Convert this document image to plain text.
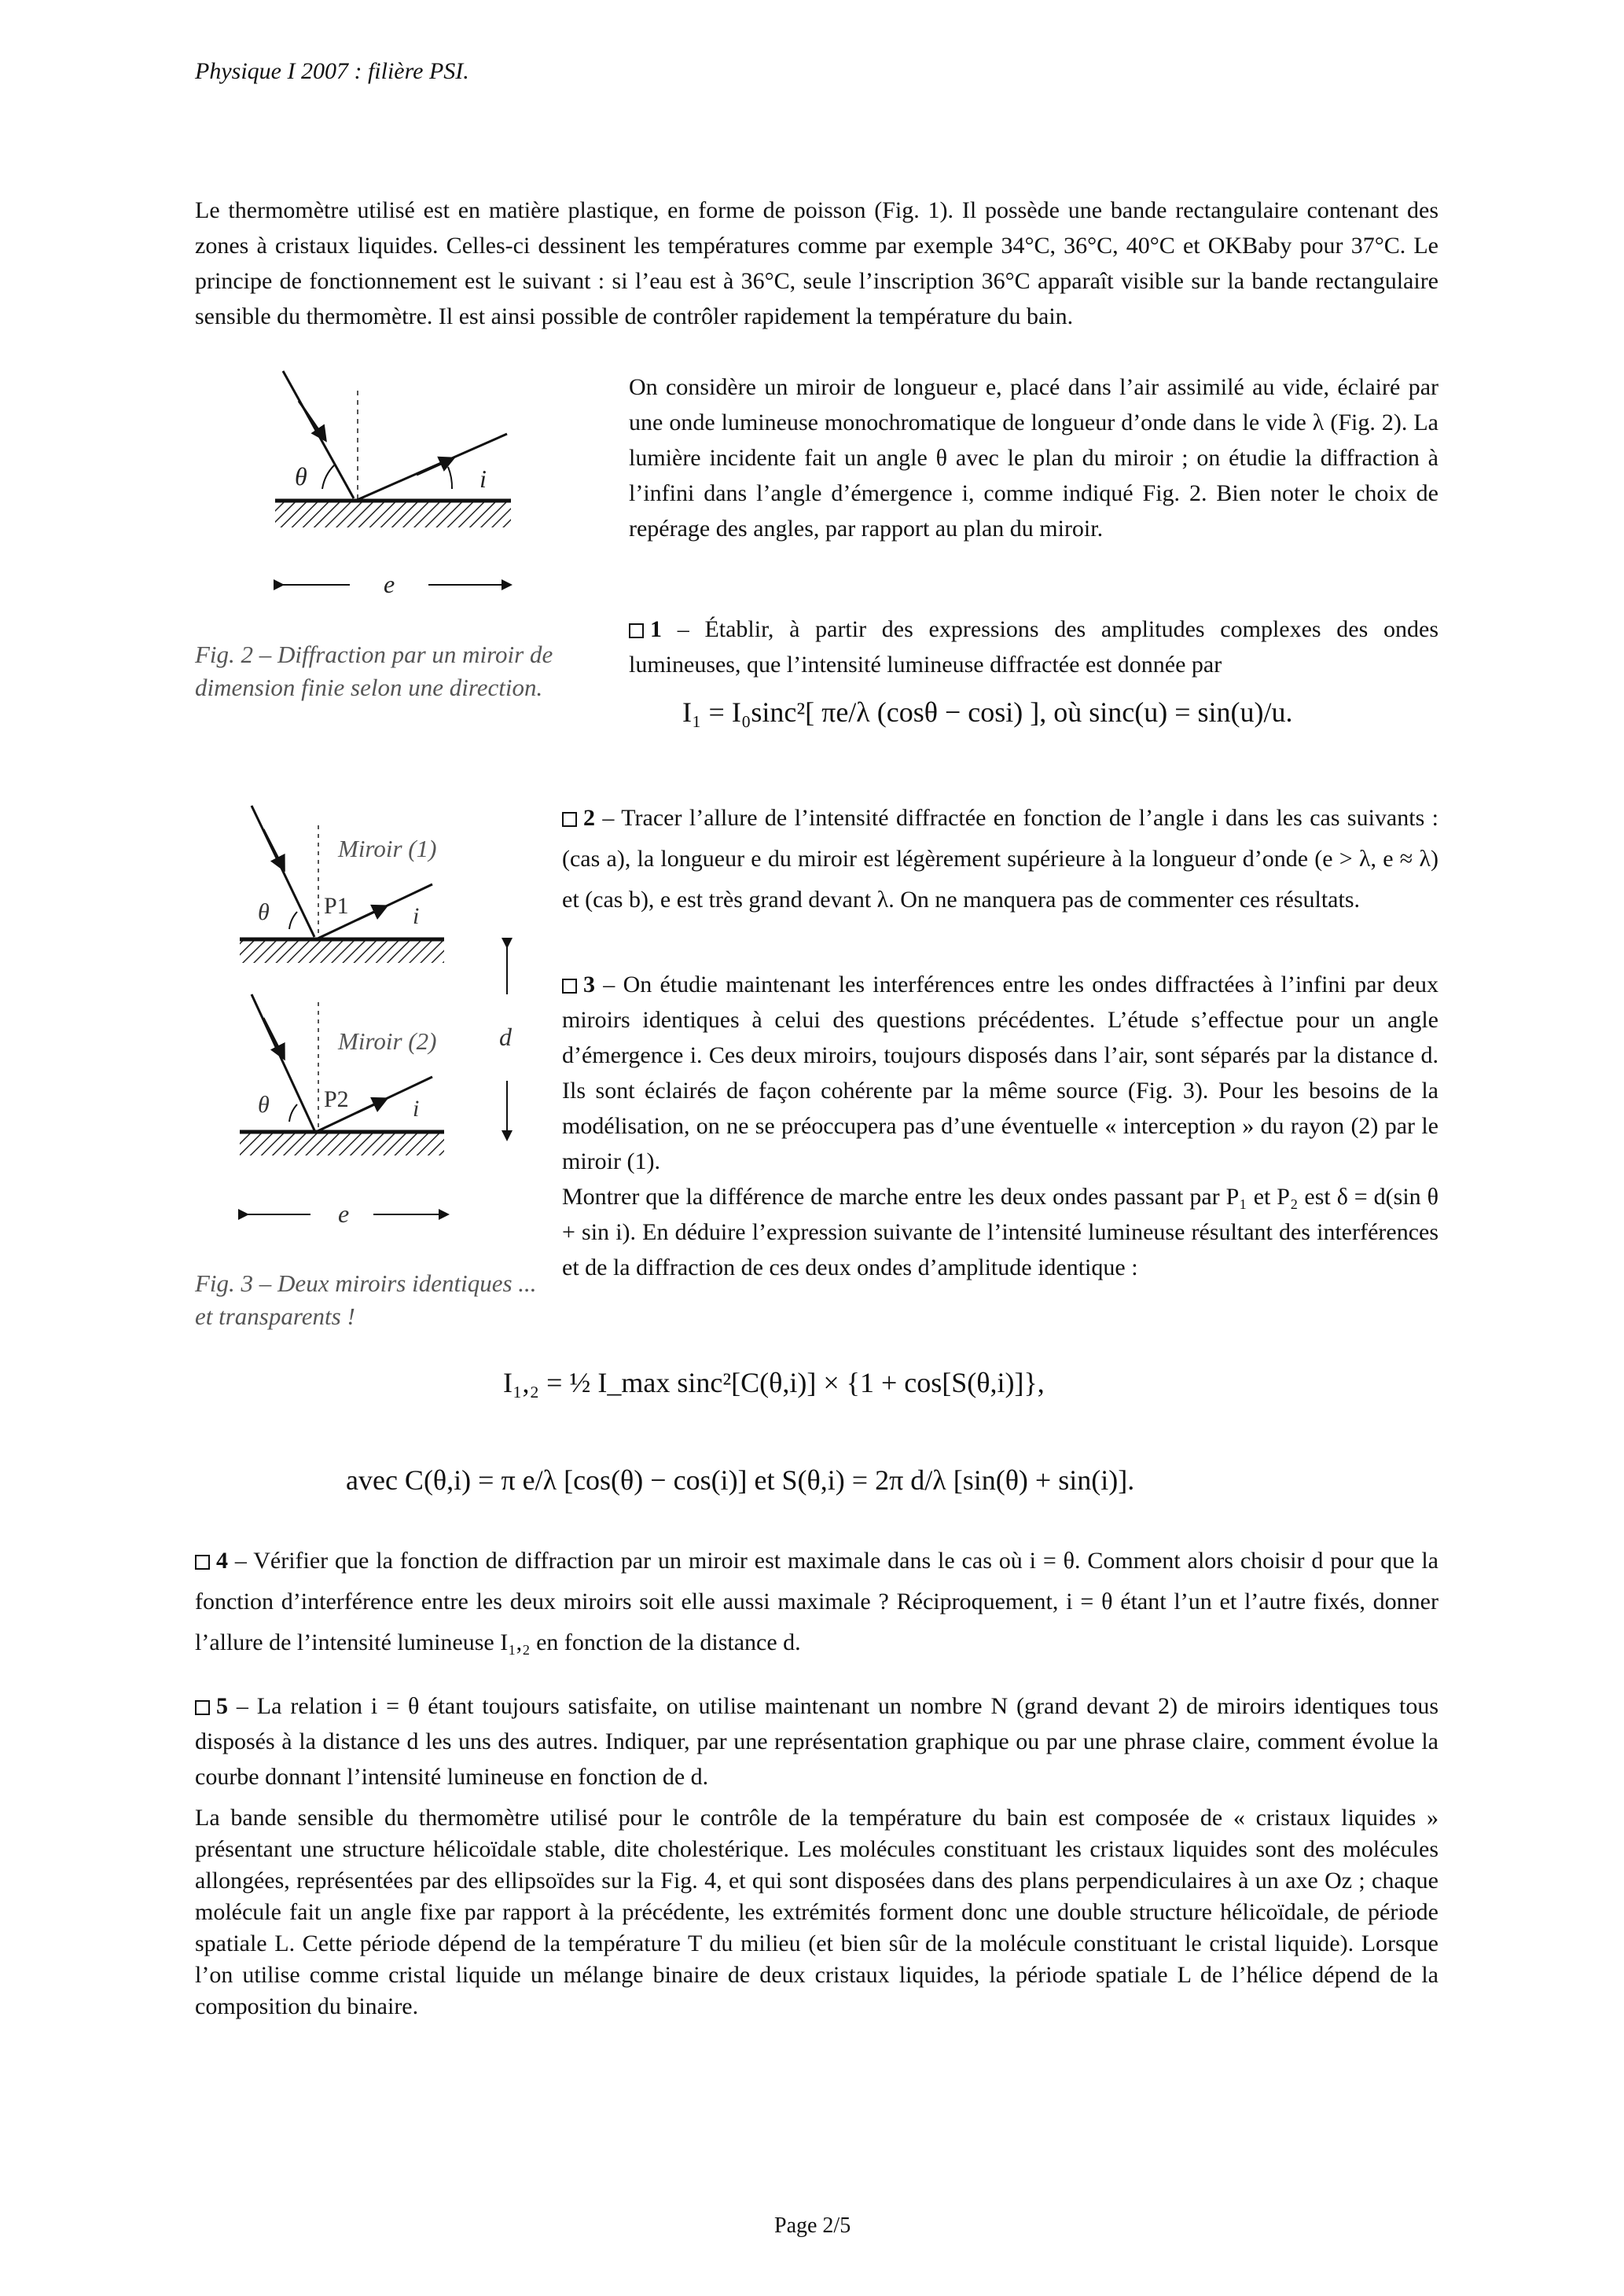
Physique I 2007 : filière PSI.
Le thermomètre utilisé est en matière plastique, en forme de poisson (Fig. 1). Il possède une bande rectangulaire contenant des zones à cristaux liquides. Celles-ci dessinent les températures comme par exemple 34°C, 36°C, 40°C et OKBaby pour 37°C. Le principe de fonctionnement est le suivant : si l’eau est à 36°C, seule l’inscription 36°C apparaît visible sur la bande rectangulaire sensible du thermomètre. Il est ainsi possible de contrôler rapidement la température du bain.
θ	i
e
Fig. 2 – Diffraction par un miroir de dimension finie selon une direction.
On considère un miroir de longueur e, placé dans l’air assimilé au vide, éclairé par une onde lumineuse monochromatique de longueur d’onde dans le vide λ (Fig. 2). La lumière incidente fait un angle θ avec le plan du miroir ; on étudie la diffraction à l’infini dans l’angle d’émergence i, comme indiqué Fig. 2. Bien noter le choix de repérage des angles, par rapport au plan du miroir.
1 – Établir, à partir des expressions des amplitudes complexes des ondes lumineuses, que l’intensité lumineuse diffractée est donnée par
I₁ = I₀sinc²[ πe/λ (cosθ − cosi) ], où sinc(u) = sin(u)/u.
Miroir (1)
P1
θ	i
Miroir (2)
P2
θ	i
d
e
Fig. 3 – Deux miroirs identiques ... et transparents !
2 – Tracer l’allure de l’intensité diffractée en fonction de l’angle i dans les cas suivants : (cas a), la longueur e du miroir est légèrement supérieure à la longueur d’onde (e > λ, e ≈ λ) et (cas b), e est très grand devant λ. On ne manquera pas de commenter ces résultats.
3 – On étudie maintenant les interférences entre les ondes diffractées à l’infini par deux miroirs identiques à celui des questions précédentes. L’étude s’effectue pour un angle d’émergence i. Ces deux miroirs, toujours disposés dans l’air, sont séparés par la distance d. Ils sont éclairés de façon cohérente par la même source (Fig. 3). Pour les besoins de la modélisation, on ne se préoccupera pas d’une éventuelle « interception » du rayon (2) par le miroir (1).
Montrer que la différence de marche entre les deux ondes passant par P₁ et P₂ est δ = d(sin θ + sin i). En déduire l’expression suivante de l’intensité lumineuse résultant des interférences et de la diffraction de ces deux ondes d’amplitude identique :
I₁,₂ = ½ I_max sinc²[C(θ,i)] × {1 + cos[S(θ,i)]},
avec C(θ,i) = π e/λ [cos(θ) − cos(i)] et S(θ,i) = 2π d/λ [sin(θ) + sin(i)].
4 – Vérifier que la fonction de diffraction par un miroir est maximale dans le cas où i = θ. Comment alors choisir d pour que la fonction d’interférence entre les deux miroirs soit elle aussi maximale ? Réciproquement, i = θ étant l’un et l’autre fixés, donner l’allure de l’intensité lumineuse I₁,₂ en fonction de la distance d.
5 – La relation i = θ étant toujours satisfaite, on utilise maintenant un nombre N (grand devant 2) de miroirs identiques tous disposés à la distance d les uns des autres. Indiquer, par une représentation graphique ou par une phrase claire, comment évolue la courbe donnant l’intensité lumineuse en fonction de d.
La bande sensible du thermomètre utilisé pour le contrôle de la température du bain est composée de « cristaux liquides » présentant une structure hélicoïdale stable, dite cholestérique. Les molécules constituant les cristaux liquides sont des molécules allongées, représentées par des ellipsoïdes sur la Fig. 4, et qui sont disposées dans des plans perpendiculaires à un axe Oz ; chaque molécule fait un angle fixe par rapport à la précédente, les extrémités forment donc une double structure hélicoïdale, de période spatiale L. Cette période dépend de la température T du milieu (et bien sûr de la molécule constituant le cristal liquide). Lorsque l’on utilise comme cristal liquide un mélange binaire de deux cristaux liquides, la période spatiale L de l’hélice dépend de la composition du binaire.
Page 2/5
